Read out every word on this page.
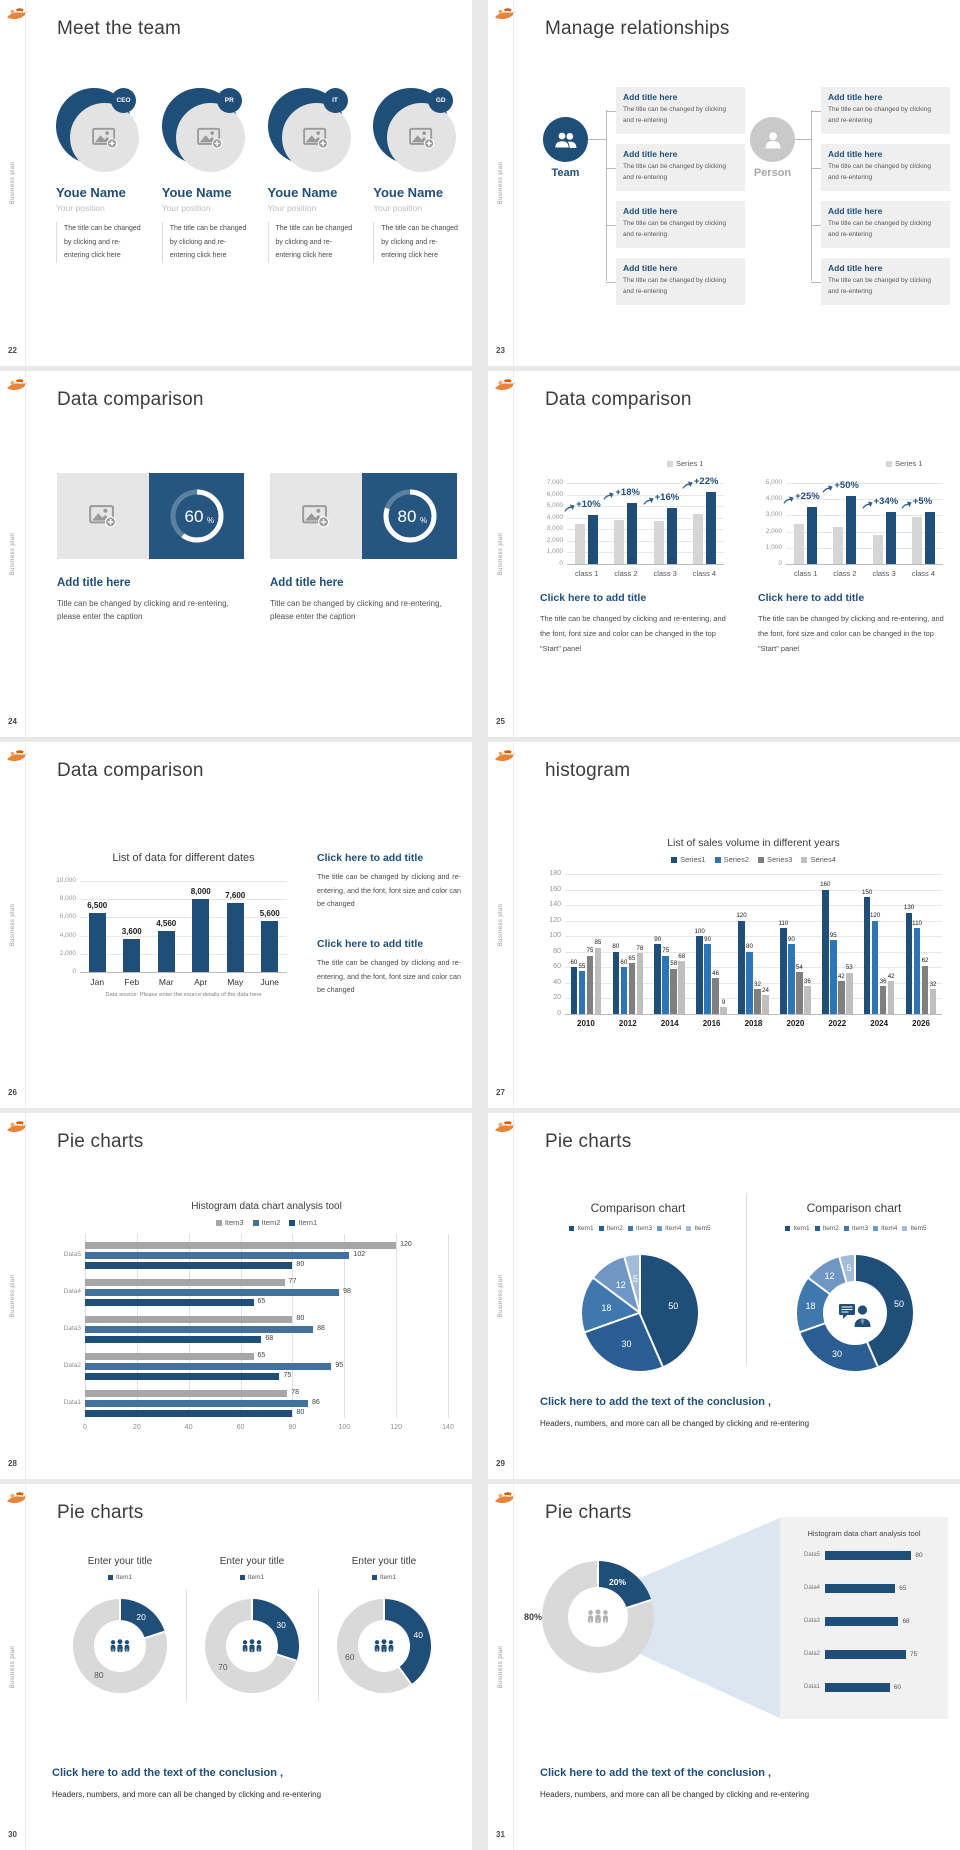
Business plan
Meet the team
22
CEO
Youe Name
Your position
The title can be changed by clicking and re-entering click here
PR
Youe Name
Your position
The title can be changed by clicking and re-entering click here
IT
Youe Name
Your position
The title can be changed by clicking and re-entering click here
GD
Youe Name
Your position
The title can be changed by clicking and re-entering click here
Business plan
Manage relationships
23
Team
Add title here
The title can be changed by clicking and re-entering
Add title here
The title can be changed by clicking and re-entering
Add title here
The title can be changed by clicking and re-entering
Add title here
The title can be changed by clicking and re-entering
Person
Add title here
The title can be changed by clicking and re-entering
Add title here
The title can be changed by clicking and re-entering
Add title here
The title can be changed by clicking and re-entering
Add title here
The title can be changed by clicking and re-entering
Business plan
Data comparison
24
60 %
Add title here
Title can be changed by clicking and re-entering, please enter the caption
80 %
Add title here
Title can be changed by clicking and re-entering, please enter the caption
Business plan
Data comparison
25
Series 1
0
1,000
2,000
3,000
4,000
5,000
6,000
7,000
class 1	class 2	class 3	class 4
+10%
+18%
+16%
+22%
Series 1
0
1,000
2,000
3,000
4,000
5,000
class 1	class 2	class 3	class 4
+25%
+50%
+34% +5%
Click here to add title
The title can be changed by clicking and re-entering, and the font, font size and color can be changed in the top "Start" panel
Click here to add title
The title can be changed by clicking and re-entering, and the font, font size and color can be changed in the top "Start" panel
Business plan
Data comparison
26
List of data for different dates
0
2,000
4,000
6,000
8,000
10,000
6,500
Jan
3,600
Feb
4,560
Mar
8,000
Apr
7,600
May
5,600
June
Data source: Please enter the source details of the data here
Click here to add title
The title can be changed by clicking and re-entering, and the font, font size and color can be changed
Click here to add title
The title can be changed by clicking and re-entering, and the font, font size and color can be changed
Business plan
histogram
27
List of sales volume in different years
Series1 Series2 Series3 Series4
0
20
40
60
80
100
120
140
160
180
60
55
75
85
2010
80
60
65
78
2012
90
75
58
68
2014
100
90
46
9
2016
120
80
32
24
2018
110
90
54
36
2020
160
95
42
53
2022
150
120
36
42
2024
130
110
62
32
2026
Business plan
Pie charts
28
Histogram data chart analysis tool
Item3 Item2 Item1
0	20	40	60	80	100	120	140
Data5
120
102
80
Data4
77
98
65
Data3
80
88
68
Data2
65
95
75
Data1
78
86
80
Business plan
Pie charts
29
Comparison chart
Item1 Item2 Item3 Item4 Item5
50
30
18
12
5
Comparison chart
Item1 Item2 Item3 Item4 Item5
50
30
18
12
5
Click here to add the text of the conclusion ,
Headers, numbers, and more can all be changed by clicking and re-entering
Business plan
Pie charts
30
Enter your title
Item1
20
80
Enter your title
Item1
30
70
Enter your title
Item1
40
60
Click here to add the text of the conclusion ,
Headers, numbers, and more can all be changed by clicking and re-entering
Business plan
Pie charts
31
20%
80%
Histogram data chart analysis tool
Data5	80
Data4	65
Data3	68
Data2	75
Data1	60
Click here to add the text of the conclusion ,
Headers, numbers, and more can all be changed by clicking and re-entering
